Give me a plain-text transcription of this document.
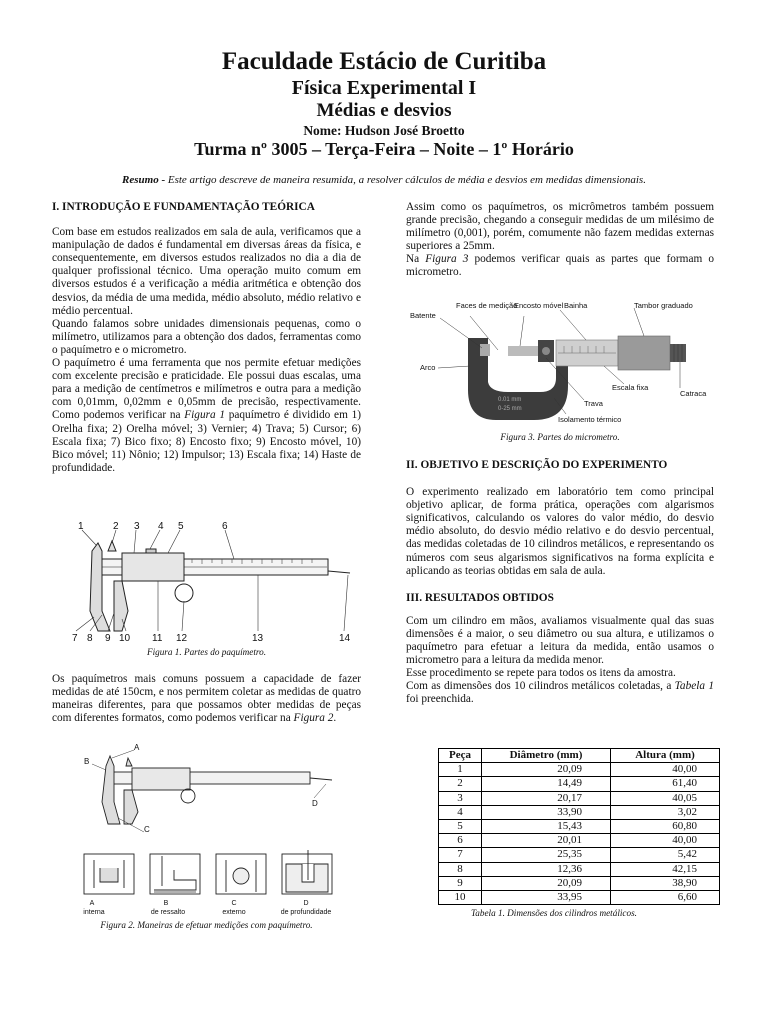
Faculdade Estácio de Curitiba
Física Experimental I
Médias e desvios
Nome: Hudson José Broetto
Turma nº 3005 – Terça-Feira – Noite – 1º Horário
Resumo - Este artigo descreve de maneira resumida, a resolver cálculos de média e desvios em medidas dimensionais.

I. INTRODUÇÃO E FUNDAMENTAÇÃO TEÓRICA

Com base em estudos realizados em sala de aula, verificamos que a manipulação de dados é fundamental em diversas áreas da física, e consequentemente, em diversos estudos realizados no dia a dia de qualquer profissional técnico. Uma operação muito comum em diversos estudos é a verificação a média aritmética e obtenção dos desvios, da média de uma medida, médio absoluto, médio relativo e médio percentual.

Quando falamos sobre unidades dimensionais pequenas, como o milímetro, utilizamos para a obtenção dos dados, ferramentas como o paquímetro e o micrometro.

O paquímetro é uma ferramenta que nos permite efetuar medições com excelente precisão e praticidade. Ele possui duas escalas, uma para a medição de centímetros e milímetros e outra para a medição com 0,01mm, 0,02mm e 0,05mm de precisão, respectivamente. Como podemos verificar na Figura 1 paquímetro é dividido em 1) Orelha fixa; 2) Orelha móvel; 3) Vernier; 4) Trava; 5) Cursor; 6) Escala fixa; 7) Bico fixo; 8) Encosto fixo; 9) Encosto móvel, 10) Bico móvel; 11) Nônio; 12) Impulsor; 13) Escala fixa; 14) Haste de profundidade.

1	2 3 4 5	6
7 8 9 10 11 12	13	14
Figura 1. Partes do paquímetro.

Os paquímetros mais comuns possuem a capacidade de fazer medidas de até 150cm, e nos permitem coletar as medidas de quatro maneiras diferentes, para que possamos obter medidas de peças com diferentes formatos, como podemos verificar na Figura 2.

A
B
D
C
A
interna
B
de ressalto
C
externo
D
de profundidade
Figura 2. Maneiras de efetuar medições com paquímetro.

Assim como os paquímetros, os micrômetros também possuem grande precisão, chegando a conseguir medidas de um milésimo de milímetro (0,001), porém, comumente não fazem medidas externas superiores a 25mm.

Na Figura 3 podemos verificar quais as partes que formam o micrometro.

Batente
Faces de medição
Encosto móvel Bainha	Tambor graduado
Arco
Escala fixa
Catraca
Trava
Isolamento térmico
0.01 mm
0-25 mm
Figura 3. Partes do micrometro.

II. OBJETIVO E DESCRIÇÃO DO EXPERIMENTO

O experimento realizado em laboratório tem como principal objetivo aplicar, de forma prática, operações com algarismos significativos, calculando os valores do valor médio, do desvio médio absoluto, do desvio médio relativo e do desvio percentual, das medidas coletadas de 10 cilindros metálicos, e representando os números com seus algarismos significativos na forma explícita e aplicando as teorias obtidas em sala de aula.

III. RESULTADOS OBTIDOS

Com um cilindro em mãos, avaliamos visualmente qual das suas dimensões é a maior, o seu diâmetro ou sua altura, e utilizamos o paquímetro para efetuar a leitura da medida, então usamos o micrometro para a leitura da medida menor.

Esse procedimento se repete para todos os itens da amostra.

Com as dimensões dos 10 cilindros metálicos coletadas, a Tabela 1 foi preenchida.

Peça	Diâmetro (mm)	Altura (mm)
1	20,09	40,00
2	14,49	61,40
3	20,17	40,05
4	33,90	3,02
5	15,43	60,80
6	20,01	40,00
7	25,35	5,42
8	12,36	42,15
9	20,09	38,90
10	33,95	6,60
Tabela 1. Dimensões dos cilindros metálicos.
